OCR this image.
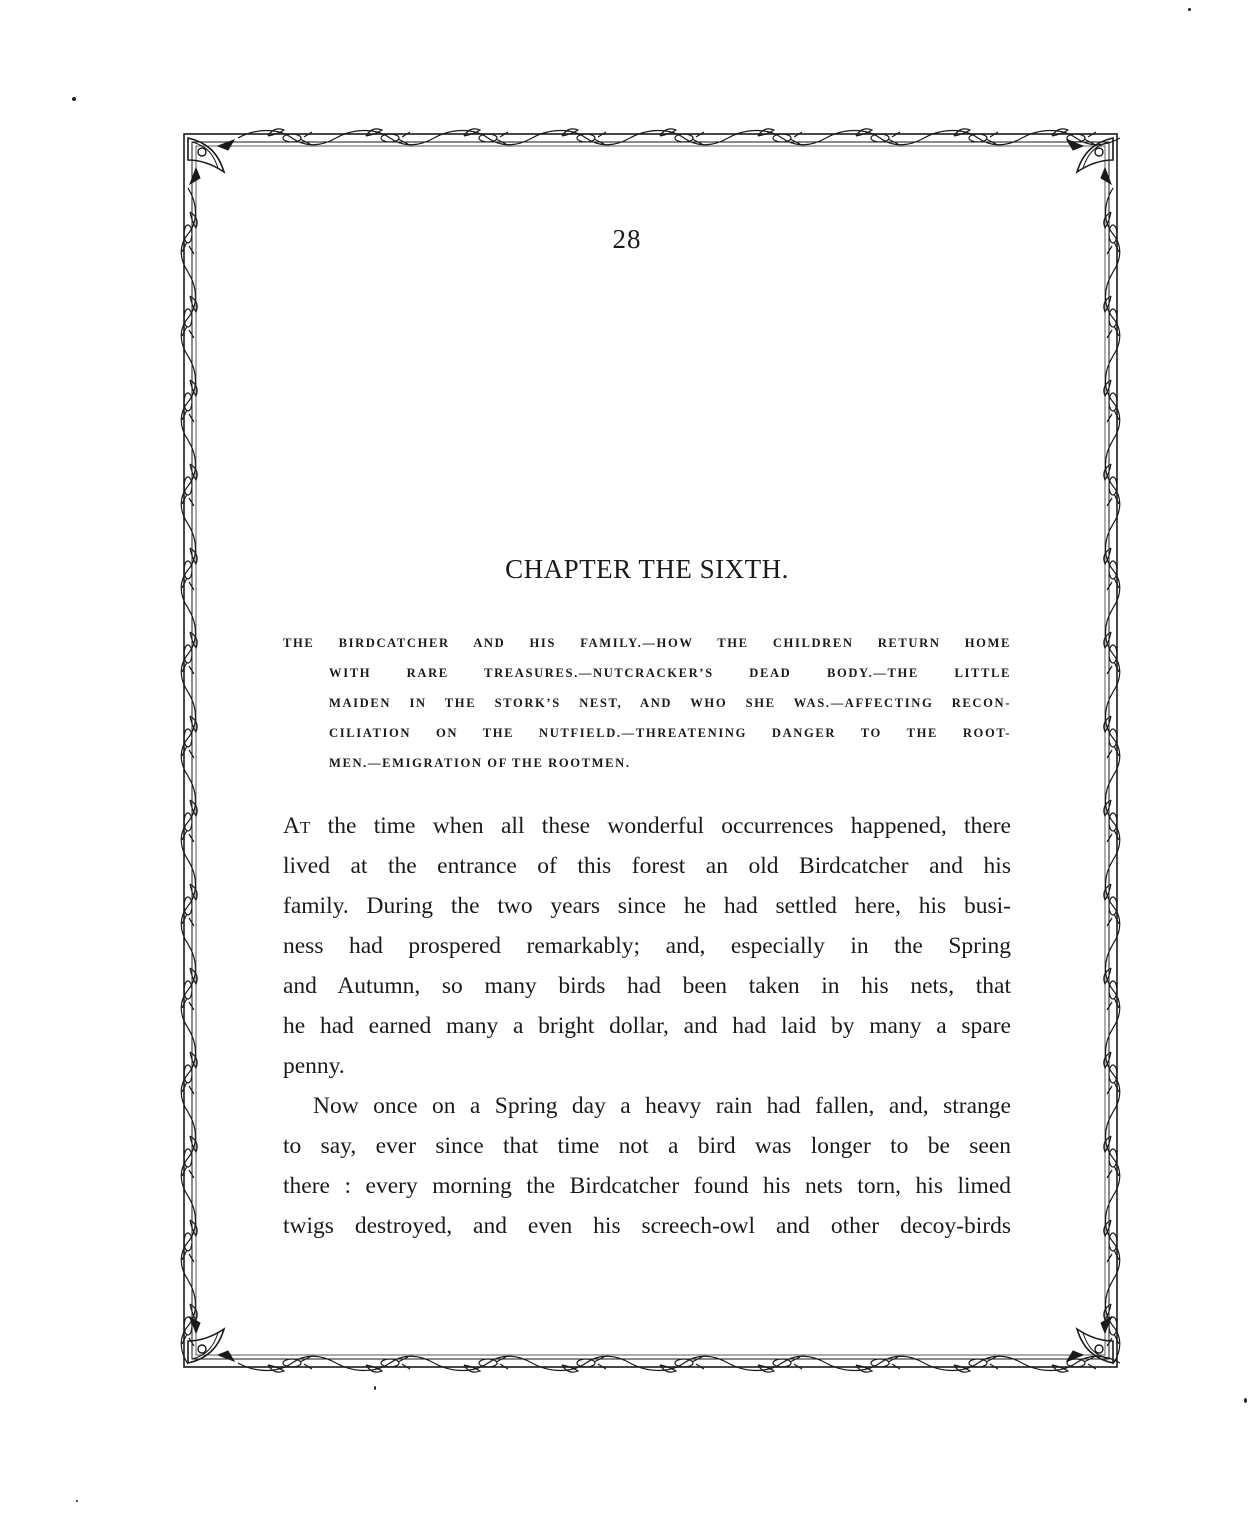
28
CHAPTER THE SIXTH.
THE BIRDCATCHER AND HIS FAMILY.—HOW THE CHILDREN RETURN HOME
WITH RARE TREASURES.—NUTCRACKER’S DEAD BODY.—THE LITTLE
MAIDEN IN THE STORK’S NEST, AND WHO SHE WAS.—AFFECTING RECON-
CILIATION ON THE NUTFIELD.—THREATENING DANGER TO THE ROOT-
MEN.—EMIGRATION OF THE ROOTMEN.
AT the time when all these wonderful occurrences happened, there
lived at the entrance of this forest an old Birdcatcher and his
family. During the two years since he had settled here, his busi-
ness had prospered remarkably; and, especially in the Spring
and Autumn, so many birds had been taken in his nets, that
he had earned many a bright dollar, and had laid by many a spare
penny.
Now once on a Spring day a heavy rain had fallen, and, strange
to say, ever since that time not a bird was longer to be seen
there : every morning the Birdcatcher found his nets torn, his limed
twigs destroyed, and even his screech-owl and other decoy-birds
